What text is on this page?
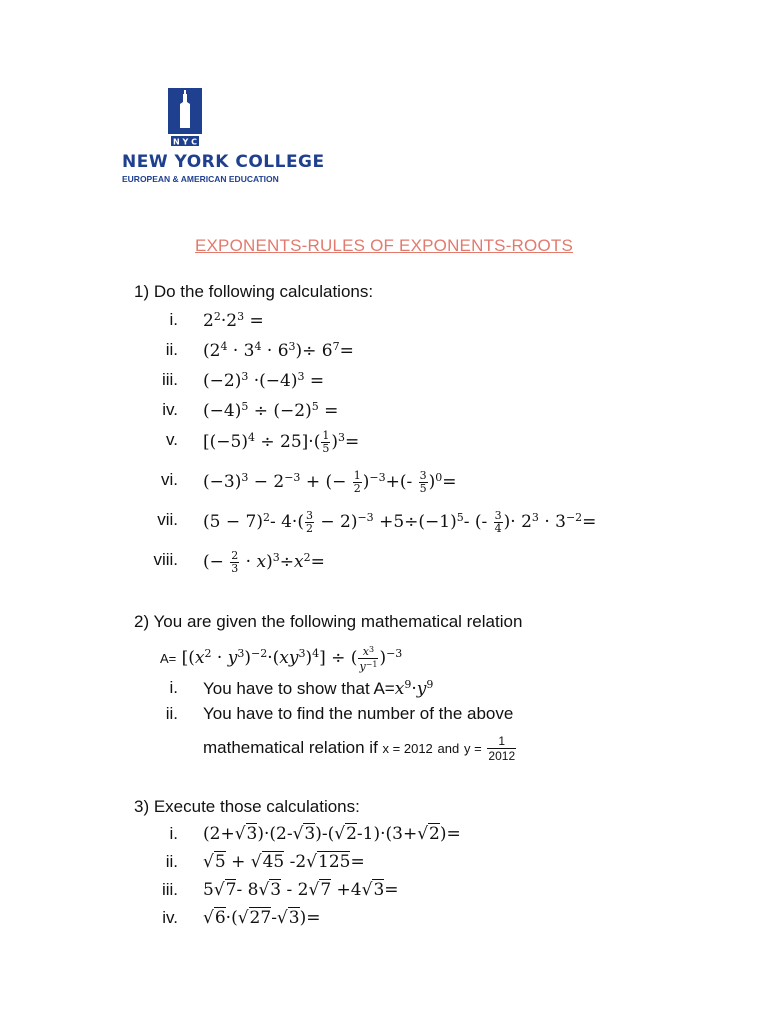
N Y C
NEW YORK COLLEGE
EUROPEAN & AMERICAN EDUCATION
EXPONENTS-RULES OF EXPONENTS-ROOTS
1) Do the following calculations:
i. $2^2\cdot 2^3$ =
ii. $(2^4 \cdot 3^4 \cdot 6^3)\div 6^7=$
iii. $(-2)^3 \cdot(-4)^3$ =
iv. $(-4)^5 \div (-2)^5$ =
v. $[(-5)^4 \div 25]\cdot( \frac{1}{5} )^3=$
vi. $(-3)^3 - 2^{-3}$ + (− $\frac{1}{2} )^{-3}+(- \frac{3}{5} )^0=$
vii. $(5 - 7)^2-$ $4\cdot( \frac{3}{2} - 2)^{-3} +5\div(-1)^5-$ (- $\frac{3}{4}$ )· $2^3 \cdot 3^{-2}=$
viii. (− $\frac{2}{3} \cdot x)^3\div x^2=$
2) You are given the following mathematical relation
$A= [(x^2 \cdot y^3)^{-2}\cdot(xy^3)^4]$ ÷ ( $\frac{x^3}{y^{-1}} )^{-3}$
i. You have to show that $A=x^9\cdot y^9$
ii. You have to find the number of the above
mathematical relation if x = 2012 and $y = \frac{1}{2012}$
3) Execute those calculations:
i. (2+√3)·(2-√3)-(√2-1)·(3+√2)=
ii. √5 + √45 -2√125=
iii. 5√7- 8√3 - 2√7 +4√3=
iv. √6·(√27-√3)=
